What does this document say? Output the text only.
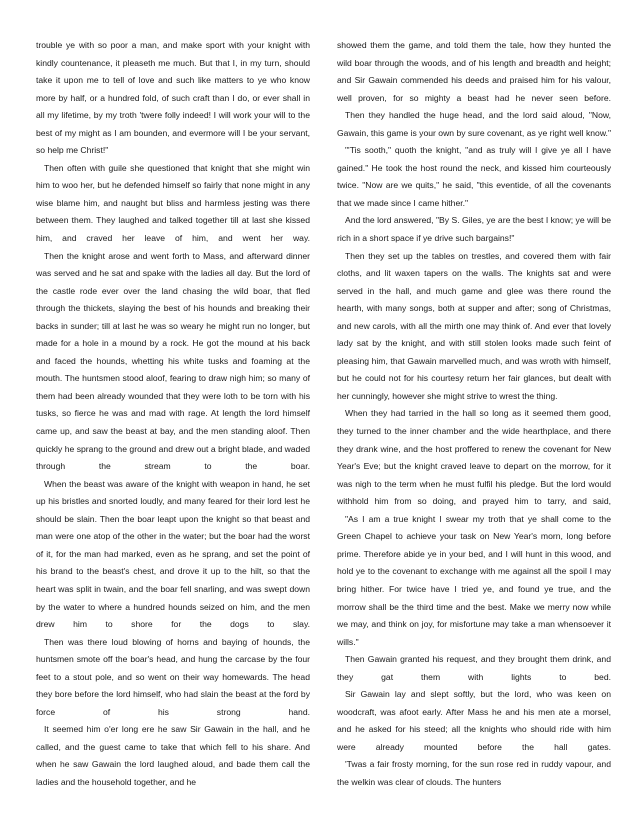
trouble ye with so poor a man, and make sport with your knight with kindly countenance, it pleaseth me much. But that I, in my turn, should take it upon me to tell of love and such like matters to ye who know more by half, or a hundred fold, of such craft than I do, or ever shall in all my lifetime, by my troth 'twere folly indeed! I will work your will to the best of my might as I am bounden, and evermore will I be your servant, so help me Christ!"

Then often with guile she questioned that knight that she might win him to woo her, but he defended himself so fairly that none might in any wise blame him, and naught but bliss and harmless jesting was there between them. They laughed and talked together till at last she kissed him, and craved her leave of him, and went her way.

Then the knight arose and went forth to Mass, and afterward dinner was served and he sat and spake with the ladies all day. But the lord of the castle rode ever over the land chasing the wild boar, that fled through the thickets, slaying the best of his hounds and breaking their backs in sunder; till at last he was so weary he might run no longer, but made for a hole in a mound by a rock. He got the mound at his back and faced the hounds, whetting his white tusks and foaming at the mouth. The huntsmen stood aloof, fearing to draw nigh him; so many of them had been already wounded that they were loth to be torn with his tusks, so fierce he was and mad with rage. At length the lord himself came up, and saw the beast at bay, and the men standing aloof. Then quickly he sprang to the ground and drew out a bright blade, and waded through the stream to the boar.

When the beast was aware of the knight with weapon in hand, he set up his bristles and snorted loudly, and many feared for their lord lest he should be slain. Then the boar leapt upon the knight so that beast and man were one atop of the other in the water; but the boar had the worst of it, for the man had marked, even as he sprang, and set the point of his brand to the beast's chest, and drove it up to the hilt, so that the heart was split in twain, and the boar fell snarling, and was swept down by the water to where a hundred hounds seized on him, and the men drew him to shore for the dogs to slay.

Then was there loud blowing of horns and baying of hounds, the huntsmen smote off the boar's head, and hung the carcase by the four feet to a stout pole, and so went on their way homewards. The head they bore before the lord himself, who had slain the beast at the ford by force of his strong hand.

It seemed him o'er long ere he saw Sir Gawain in the hall, and he called, and the guest came to take that which fell to his share. And when he saw Gawain the lord laughed aloud, and bade them call the ladies and the household together, and he

showed them the game, and told them the tale, how they hunted the wild boar through the woods, and of his length and breadth and height; and Sir Gawain commended his deeds and praised him for his valour, well proven, for so mighty a beast had he never seen before.

Then they handled the huge head, and the lord said aloud, "Now, Gawain, this game is your own by sure covenant, as ye right well know."

"'Tis sooth," quoth the knight, "and as truly will I give ye all I have gained." He took the host round the neck, and kissed him courteously twice. "Now are we quits," he said, "this eventide, of all the covenants that we made since I came hither."

And the lord answered, "By S. Giles, ye are the best I know; ye will be rich in a short space if ye drive such bargains!"

Then they set up the tables on trestles, and covered them with fair cloths, and lit waxen tapers on the walls. The knights sat and were served in the hall, and much game and glee was there round the hearth, with many songs, both at supper and after; song of Christmas, and new carols, with all the mirth one may think of. And ever that lovely lady sat by the knight, and with still stolen looks made such feint of pleasing him, that Gawain marvelled much, and was wroth with himself, but he could not for his courtesy return her fair glances, but dealt with her cunningly, however she might strive to wrest the thing.

When they had tarried in the hall so long as it seemed them good, they turned to the inner chamber and the wide hearthplace, and there they drank wine, and the host proffered to renew the covenant for New Year's Eve; but the knight craved leave to depart on the morrow, for it was nigh to the term when he must fulfil his pledge. But the lord would withhold him from so doing, and prayed him to tarry, and said,

"As I am a true knight I swear my troth that ye shall come to the Green Chapel to achieve your task on New Year's morn, long before prime. Therefore abide ye in your bed, and I will hunt in this wood, and hold ye to the covenant to exchange with me against all the spoil I may bring hither. For twice have I tried ye, and found ye true, and the morrow shall be the third time and the best. Make we merry now while we may, and think on joy, for misfortune may take a man whensoever it wills."

Then Gawain granted his request, and they brought them drink, and they gat them with lights to bed.

Sir Gawain lay and slept softly, but the lord, who was keen on woodcraft, was afoot early. After Mass he and his men ate a morsel, and he asked for his steed; all the knights who should ride with him were already mounted before the hall gates.

'Twas a fair frosty morning, for the sun rose red in ruddy vapour, and the welkin was clear of clouds. The hunters
